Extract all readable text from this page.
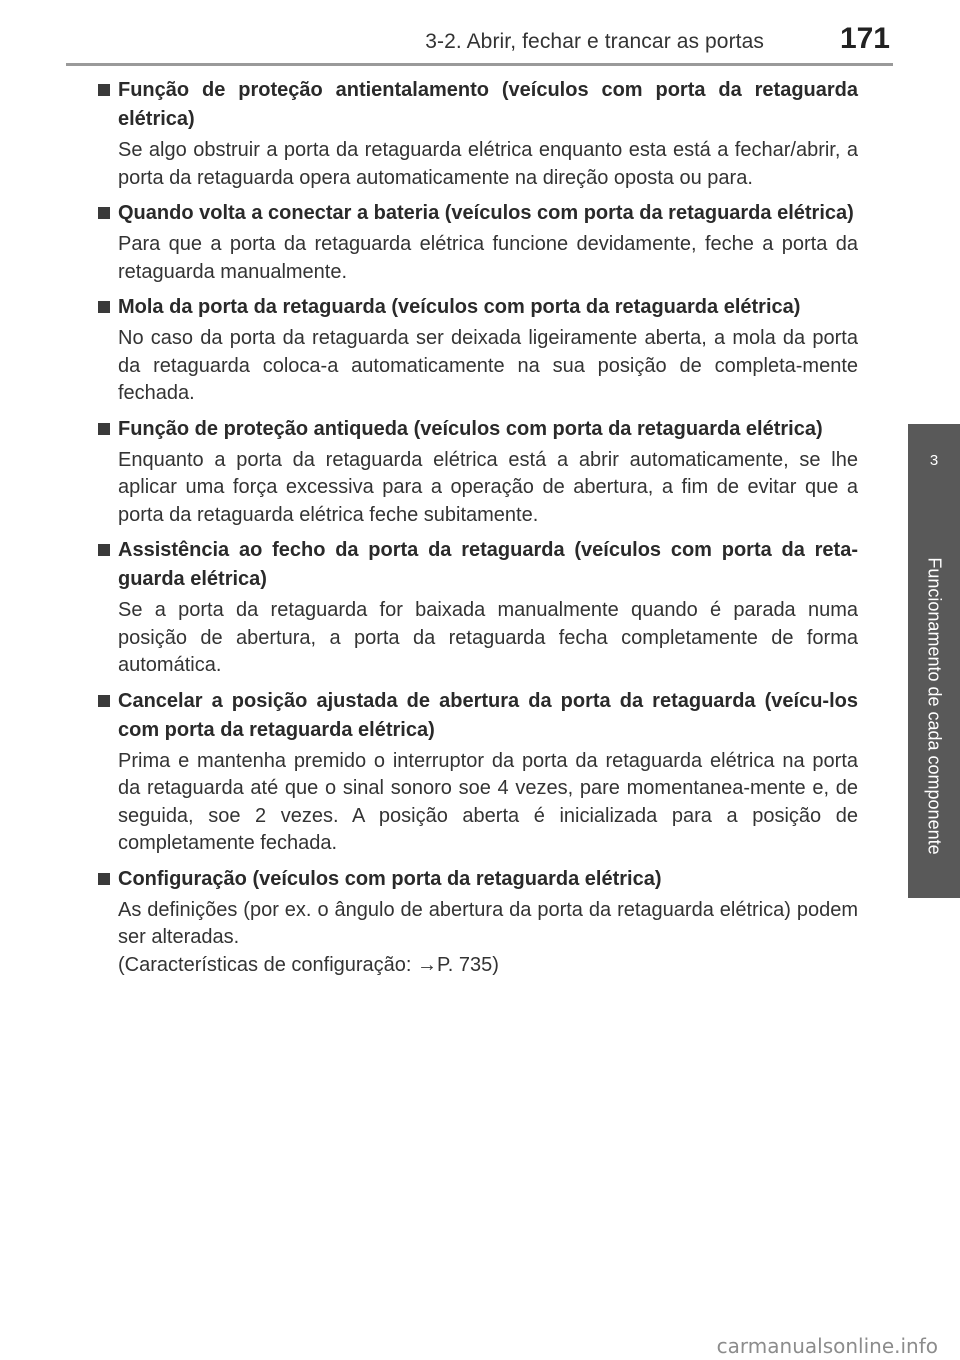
3-2. Abrir, fechar e trancar as portas	171
3
Funcionamento de cada componente
Função de proteção antientalamento (veículos com porta da retaguarda elétrica)
Se algo obstruir a porta da retaguarda elétrica enquanto esta está a fechar/abrir, a porta da retaguarda opera automaticamente na direção oposta ou para.
Quando volta a conectar a bateria (veículos com porta da retaguarda elétrica)
Para que a porta da retaguarda elétrica funcione devidamente, feche a porta da retaguarda manualmente.
Mola da porta da retaguarda (veículos com porta da retaguarda elétrica)
No caso da porta da retaguarda ser deixada ligeiramente aberta, a mola da porta da retaguarda coloca-a automaticamente na sua posição de completa-mente fechada.
Função de proteção antiqueda (veículos com porta da retaguarda elétrica)
Enquanto a porta da retaguarda elétrica está a abrir automaticamente, se lhe aplicar uma força excessiva para a operação de abertura, a fim de evitar que a porta da retaguarda elétrica feche subitamente.
Assistência ao fecho da porta da retaguarda (veículos com porta da reta-guarda elétrica)
Se a porta da retaguarda for baixada manualmente quando é parada numa posição de abertura, a porta da retaguarda fecha completamente de forma automática.
Cancelar a posição ajustada de abertura da porta da retaguarda (veícu-los com porta da retaguarda elétrica)
Prima e mantenha premido o interruptor da porta da retaguarda elétrica na porta da retaguarda até que o sinal sonoro soe 4 vezes, pare momentanea-mente e, de seguida, soe 2 vezes. A posição aberta é inicializada para a posição de completamente fechada.
Configuração (veículos com porta da retaguarda elétrica)
As definições (por ex. o ângulo de abertura da porta da retaguarda elétrica) podem ser alteradas.
(Características de configuração: →P. 735)
carmanualsonline.info
